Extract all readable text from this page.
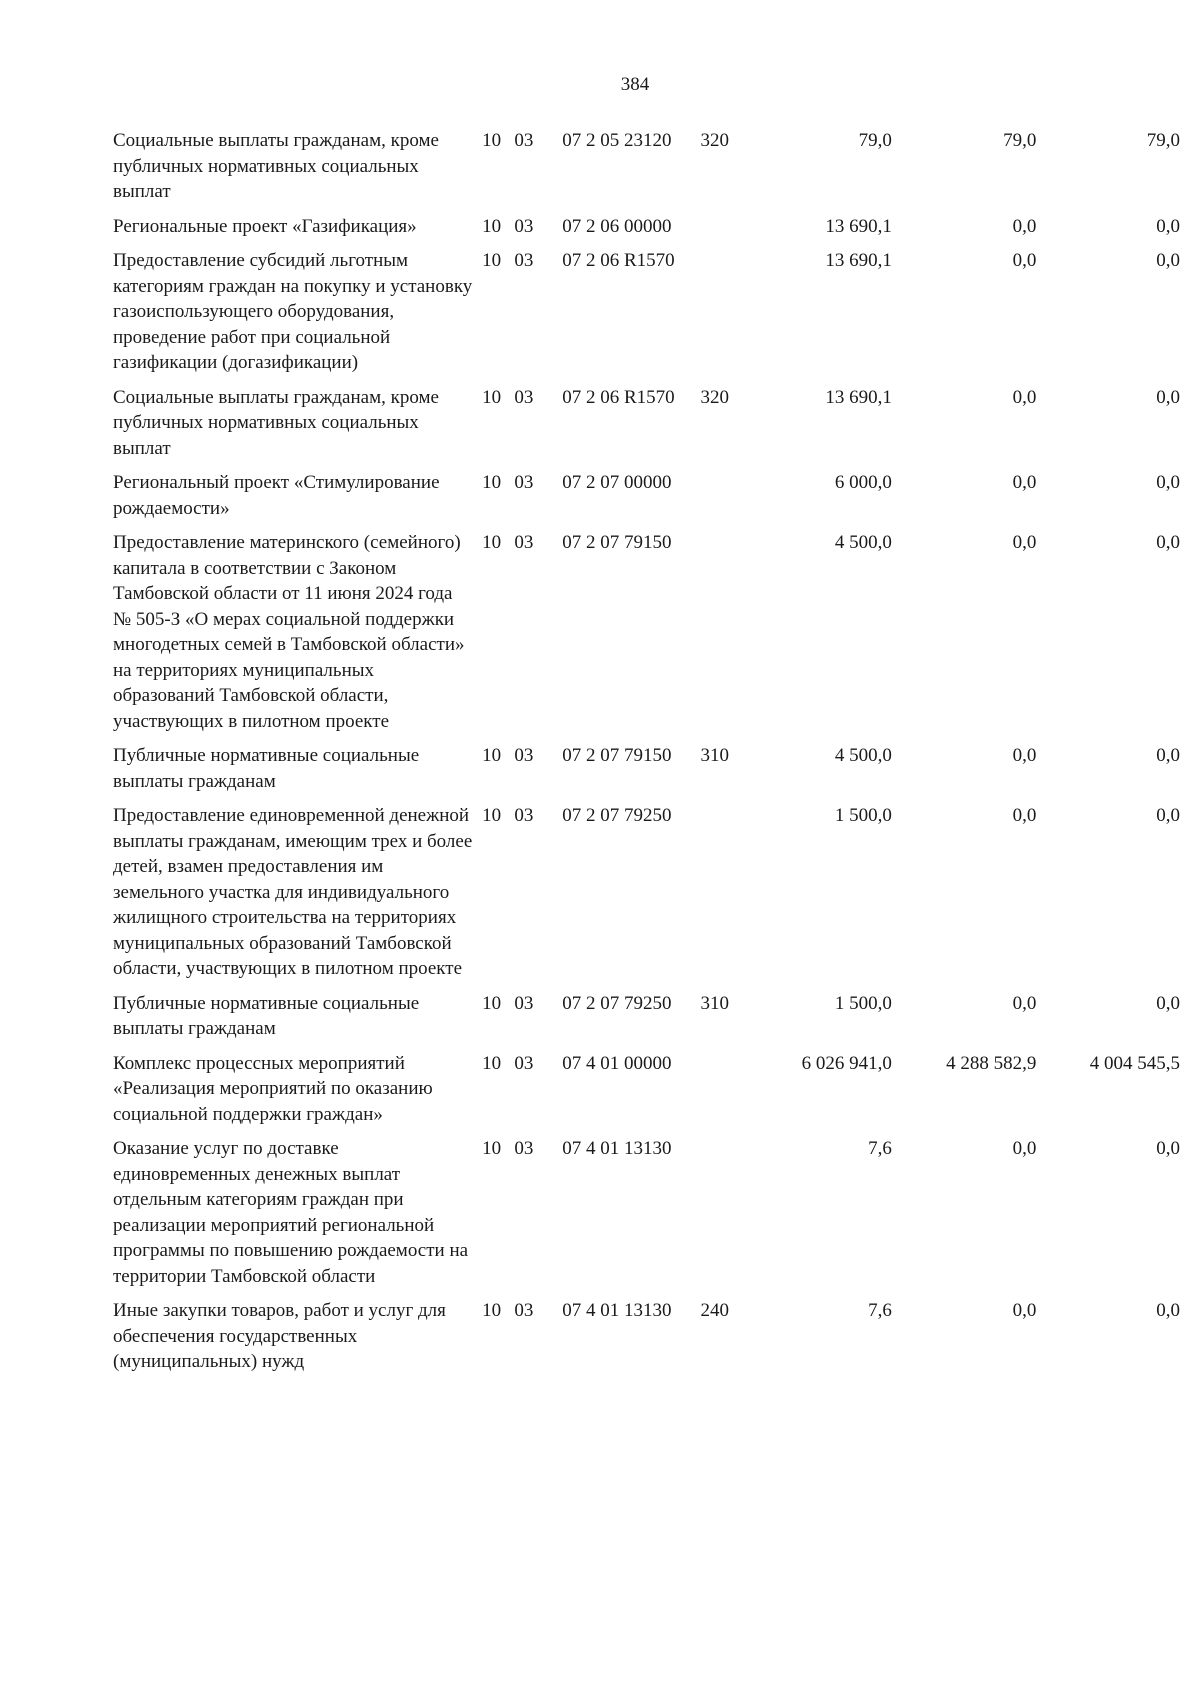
384
Социальные выплаты гражданам, кроме публичных нормативных социальных выплат	10	03	07 2 05 23120	320	79,0	79,0	79,0
Региональные проект «Газификация»	10	03	07 2 06 00000		13 690,1	0,0	0,0
Предоставление субсидий льготным категориям граждан на покупку и установку газоиспользующего оборудования, проведение работ при социальной газификации (догазификации)	10	03	07 2 06 R1570		13 690,1	0,0	0,0
Социальные выплаты гражданам, кроме публичных нормативных социальных выплат	10	03	07 2 06 R1570	320	13 690,1	0,0	0,0
Региональный проект «Стимулирование рождаемости»	10	03	07 2 07 00000		6 000,0	0,0	0,0
Предоставление материнского (семейного) капитала в соответствии с Законом Тамбовской области от 11 июня 2024 года № 505-З «О мерах социальной поддержки многодетных семей в Тамбовской области» на территориях муниципальных образований Тамбовской области, участвующих в пилотном проекте	10	03	07 2 07 79150		4 500,0	0,0	0,0
Публичные нормативные социальные выплаты гражданам	10	03	07 2 07 79150	310	4 500,0	0,0	0,0
Предоставление единовременной денежной выплаты гражданам, имеющим трех и более детей, взамен предоставления им земельного участка для индивидуального жилищного строительства на территориях муниципальных образований Тамбовской области, участвующих в пилотном проекте	10	03	07 2 07 79250		1 500,0	0,0	0,0
Публичные нормативные социальные выплаты гражданам	10	03	07 2 07 79250	310	1 500,0	0,0	0,0
Комплекс процессных мероприятий «Реализация мероприятий по оказанию социальной поддержки граждан»	10	03	07 4 01 00000		6 026 941,0	4 288 582,9	4 004 545,5
Оказание услуг по доставке единовременных денежных выплат отдельным категориям граждан при реализации мероприятий региональной программы по повышению рождаемости на территории Тамбовской области	10	03	07 4 01 13130		7,6	0,0	0,0
Иные закупки товаров, работ и услуг для обеспечения государственных (муниципальных) нужд	10	03	07 4 01 13130	240	7,6	0,0	0,0
